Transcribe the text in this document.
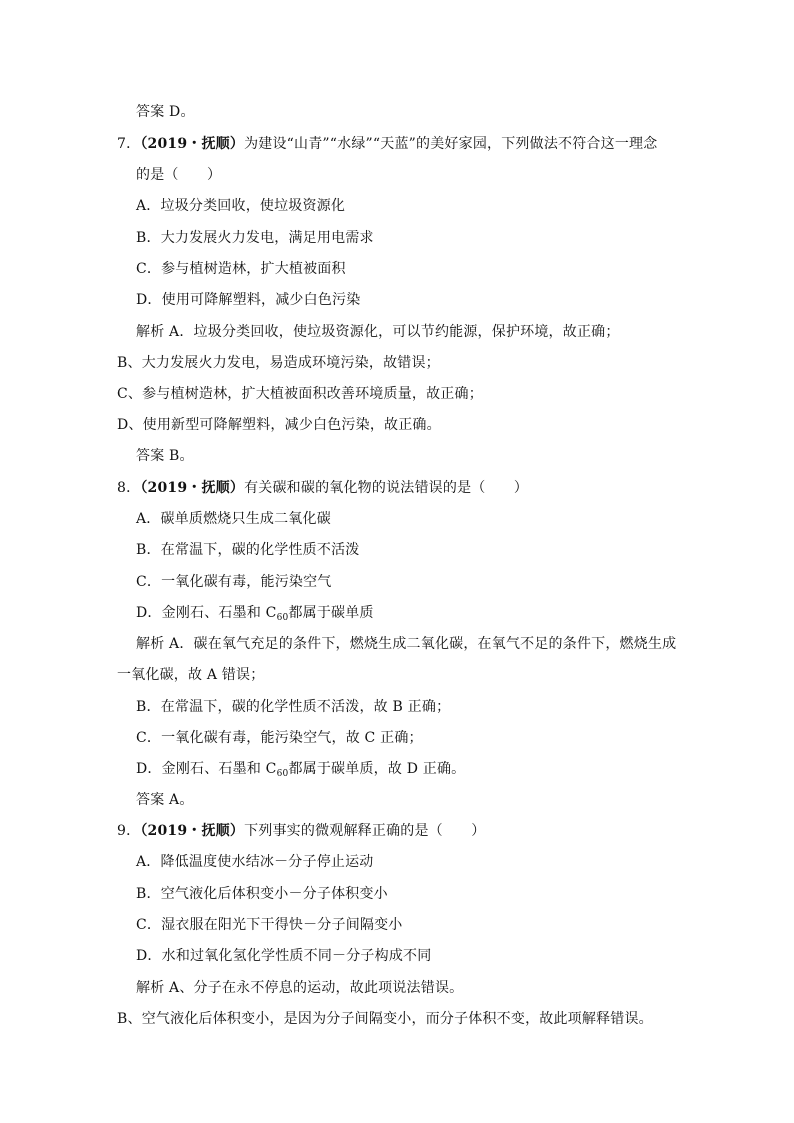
答案 D。
7．（2019・抚顺）为建设“山青”“水绿”“天蓝”的美好家园，下列做法不符合这一理念
的是（　　）
A．垃圾分类回收，使垃圾资源化
B．大力发展火力发电，满足用电需求
C．参与植树造林，扩大植被面积
D．使用可降解塑料，减少白色污染
解析 A．垃圾分类回收，使垃圾资源化，可以节约能源，保护环境，故正确；
B、大力发展火力发电，易造成环境污染，故错误；
C、参与植树造林，扩大植被面积改善环境质量，故正确；
D、使用新型可降解塑料，减少白色污染，故正确。
答案 B。
8．（2019・抚顺）有关碳和碳的氧化物的说法错误的是（　　）
A．碳单质燃烧只生成二氧化碳
B．在常温下，碳的化学性质不活泼
C．一氧化碳有毒，能污染空气
D．金刚石、石墨和 $C_{60}$都属于碳单质
解析 A．碳在氧气充足的条件下，燃烧生成二氧化碳，在氧气不足的条件下，燃烧生成
一氧化碳，故 A 错误；
B．在常温下，碳的化学性质不活泼，故 B 正确；
C．一氧化碳有毒，能污染空气，故 C 正确；
D．金刚石、石墨和 $C_{60}$都属于碳单质，故 D 正确。
答案 A。
9．（2019・抚顺）下列事实的微观解释正确的是（　　）
A．降低温度使水结冰－分子停止运动
B．空气液化后体积变小－分子体积变小
C．湿衣服在阳光下干得快－分子间隔变小
D．水和过氧化氢化学性质不同－分子构成不同
解析 A、分子在永不停息的运动，故此项说法错误。
B、空气液化后体积变小，是因为分子间隔变小，而分子体积不变，故此项解释错误。
